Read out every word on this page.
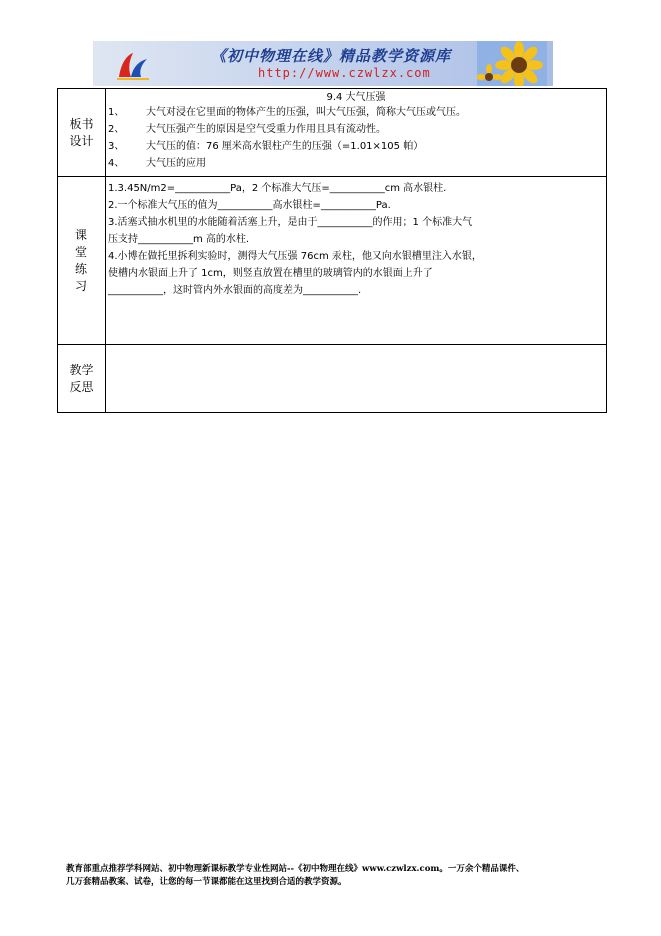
《初中物理在线》精品教学资源库
http://www.czwlzx.com
板书
设计
9.4 大气压强
1、 大气对浸在它里面的物体产生的压强，叫大气压强，简称大气压或气压。
2、 大气压强产生的原因是空气受重力作用且具有流动性。
3、 大气压的值：76 厘米高水银柱产生的压强（=1.01×105 帕）
4、 大气压的应用
课
堂
练
习

1.3.45N/m2=___________Pa，2 个标准大气压=___________cm 高水银柱.

2.一个标准大气压的值为___________高水银柱=___________Pa.

3.活塞式抽水机里的水能随着活塞上升，是由于___________的作用；1 个标准大气

压支持___________m 高的水柱.

4.小博在做托里拆利实验时，测得大气压强 76cm 汞柱，他又向水银槽里注入水银，

使槽内水银面上升了 1cm，则竖直放置在槽里的玻璃管内的水银面上升了

___________，这时管内外水银面的高度差为___________.

教学
反思
教育部重点推荐学科网站、初中物理新课标教学专业性网站--《初中物理在线》www.czwlzx.com。一万余个精品课件、
几万套精品教案、试卷，让您的每一节课都能在这里找到合适的教学资源。
